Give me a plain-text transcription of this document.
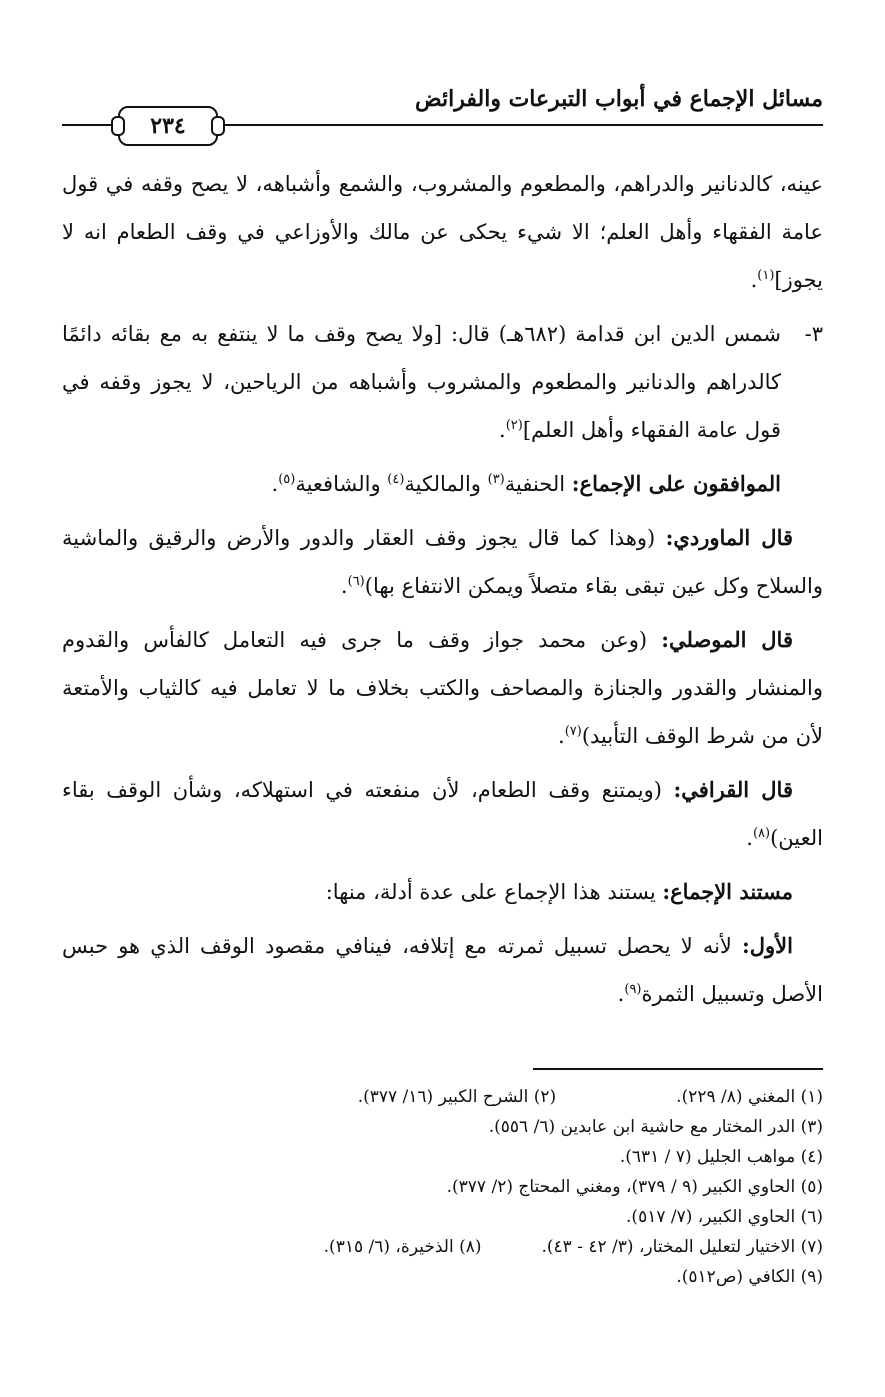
مسائل الإجماع في أبواب التبرعات والفرائض
٢٣٤

عينه، كالدنانير والدراهم، والمطعوم والمشروب، والشمع وأشباهه، لا يصح وقفه في قول عامة الفقهاء وأهل العلم؛ الا شيء يحكى عن مالك والأوزاعي في وقف الطعام انه لا يجوز]$^{(١)}$.

٣-
شمس الدين ابن قدامة (٦٨٢هـ) قال: [ولا يصح وقف ما لا ينتفع به مع بقائه دائمًا كالدراهم والدنانير والمطعوم والمشروب وأشباهه من الرياحين، لا يجوز وقفه في قول عامة الفقهاء وأهل العلم]$^{(٢)}$.

الموافقون على الإجماع: الحنفية$^{(٣)}$ والمالكية$^{(٤)}$ والشافعية$^{(٥)}$.

قال الماوردي: (وهذا كما قال يجوز وقف العقار والدور والأرض والرقيق والماشية والسلاح وكل عين تبقى بقاء متصلاً ويمكن الانتفاع بها)$^{(٦)}$.

قال الموصلي: (وعن محمد جواز وقف ما جرى فيه التعامل كالفأس والقدوم والمنشار والقدور والجنازة والمصاحف والكتب بخلاف ما لا تعامل فيه كالثياب والأمتعة لأن من شرط الوقف التأبيد)$^{(٧)}$.

قال القرافي: (ويمتنع وقف الطعام، لأن منفعته في استهلاكه، وشأن الوقف بقاء العين)$^{(٨)}$.

مستند الإجماع: يستند هذا الإجماع على عدة أدلة، منها:

الأول: لأنه لا يحصل تسبيل ثمرته مع إتلافه، فينافي مقصود الوقف الذي هو حبس الأصل وتسبيل الثمرة$^{(٩)}$.

(١) المغني (٨/ ٢٢٩).(٢) الشرح الكبير (١٦/ ٣٧٧).
(٣) الدر المختار مع حاشية ابن عابدين (٦/ ٥٥٦).
(٤) مواهب الجليل (٧ / ٦٣١).
(٥) الحاوي الكبير (٩ / ٣٧٩)، ومغني المحتاج (٢/ ٣٧٧).
(٦) الحاوي الكبير، (٧/ ٥١٧).
(٧) الاختيار لتعليل المختار، (٣/ ٤٢ - ٤٣).(٨) الذخيرة، (٦/ ٣١٥).
(٩) الكافي (ص٥١٢).
